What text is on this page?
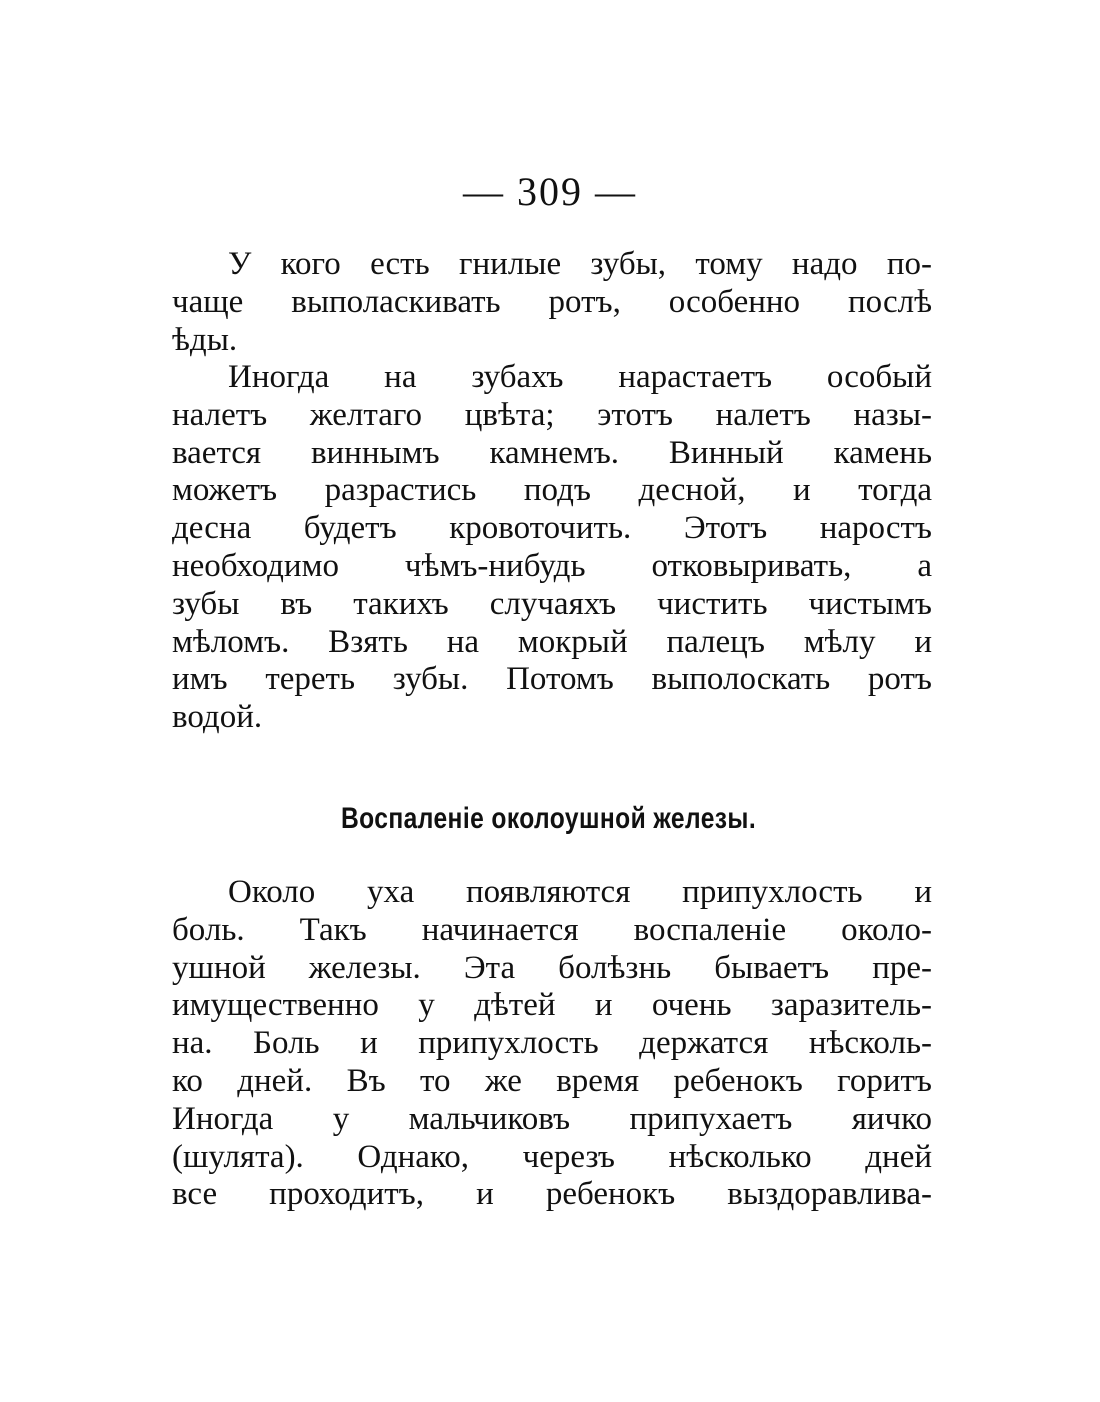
— 309 —
У кого есть гнилые зубы, тому надо по-
чаще выполаскивать ротъ, особенно послѣ
ѣды.
Иногда на зубахъ нарастаетъ особый
налетъ желтаго цвѣта; этотъ налетъ назы-
вается виннымъ камнемъ. Винный камень
можетъ разрастись подъ десной, и тогда
десна будетъ кровоточить. Этотъ наростъ
необходимо чѣмъ-нибудь отковыривать, а
зубы въ такихъ случаяхъ чистить чистымъ
мѣломъ. Взять на мокрый палецъ мѣлу и
имъ тереть зубы. Потомъ выполоскать ротъ
водой.
Воспаленіе околоушной железы.
Около уха появляются припухлость и
боль. Такъ начинается воспаленіе около-
ушной железы. Эта болѣзнь бываетъ пре-
имущественно у дѣтей и очень заразитель-
на. Боль и припухлость держатся нѣсколь-
ко дней. Въ то же время ребенокъ горитъ
Иногда у мальчиковъ припухаетъ яичко
(шулята). Однако, черезъ нѣсколько дней
все проходитъ, и ребенокъ выздоравлива-
